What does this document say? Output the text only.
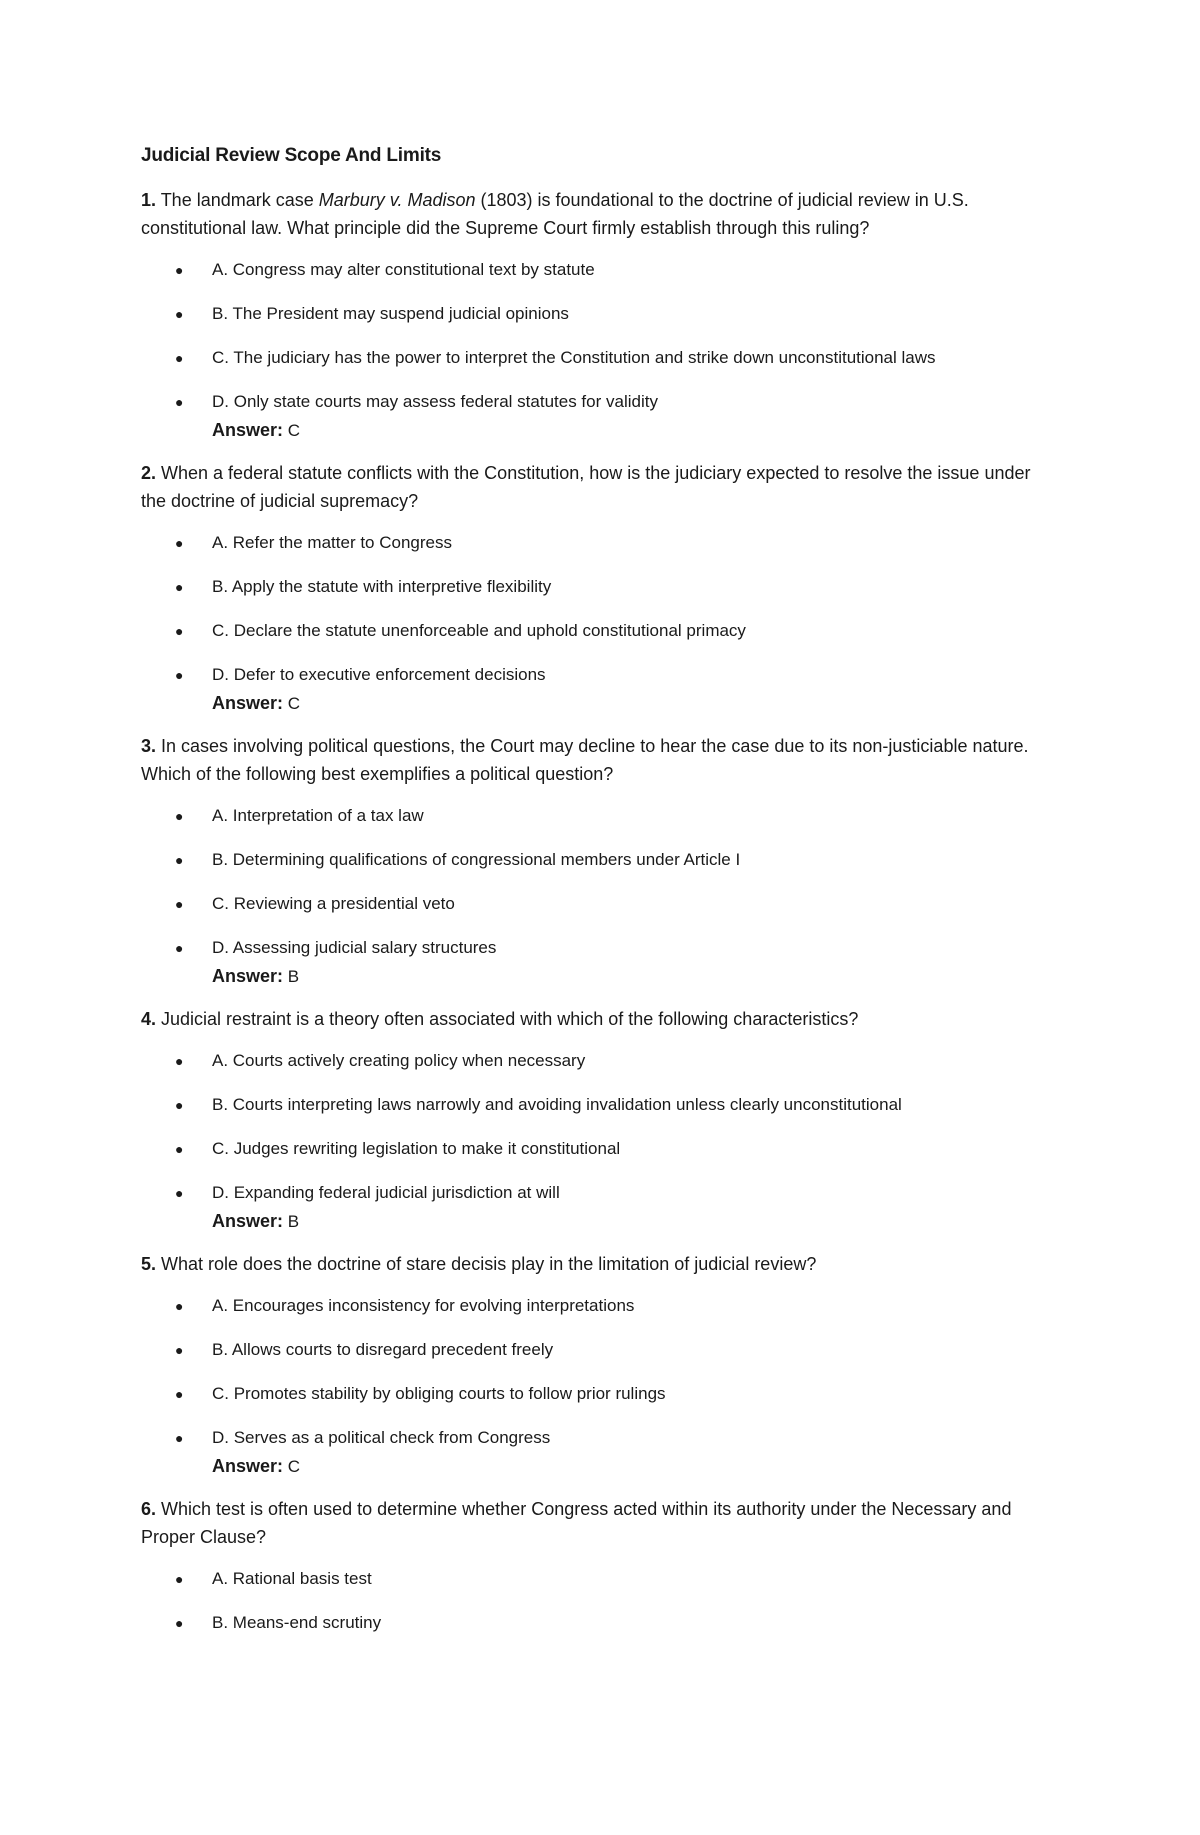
Judicial Review Scope And Limits

1. The landmark case Marbury v. Madison (1803) is foundational to the doctrine of judicial review in U.S. constitutional law. What principle did the Supreme Court firmly establish through this ruling?

● A. Congress may alter constitutional text by statute
● B. The President may suspend judicial opinions
● C. The judiciary has the power to interpret the Constitution and strike down unconstitutional laws
● D. Only state courts may assess federal statutes for validity
Answer: C

2. When a federal statute conflicts with the Constitution, how is the judiciary expected to resolve the issue under the doctrine of judicial supremacy?

● A. Refer the matter to Congress
● B. Apply the statute with interpretive flexibility
● C. Declare the statute unenforceable and uphold constitutional primacy
● D. Defer to executive enforcement decisions
Answer: C

3. In cases involving political questions, the Court may decline to hear the case due to its non-justiciable nature. Which of the following best exemplifies a political question?

● A. Interpretation of a tax law
● B. Determining qualifications of congressional members under Article I
● C. Reviewing a presidential veto
● D. Assessing judicial salary structures
Answer: B

4. Judicial restraint is a theory often associated with which of the following characteristics?

● A. Courts actively creating policy when necessary
● B. Courts interpreting laws narrowly and avoiding invalidation unless clearly unconstitutional
● C. Judges rewriting legislation to make it constitutional
● D. Expanding federal judicial jurisdiction at will
Answer: B

5. What role does the doctrine of stare decisis play in the limitation of judicial review?

● A. Encourages inconsistency for evolving interpretations
● B. Allows courts to disregard precedent freely
● C. Promotes stability by obliging courts to follow prior rulings
● D. Serves as a political check from Congress
Answer: C

6. Which test is often used to determine whether Congress acted within its authority under the Necessary and Proper Clause?

● A. Rational basis test
● B. Means-end scrutiny
